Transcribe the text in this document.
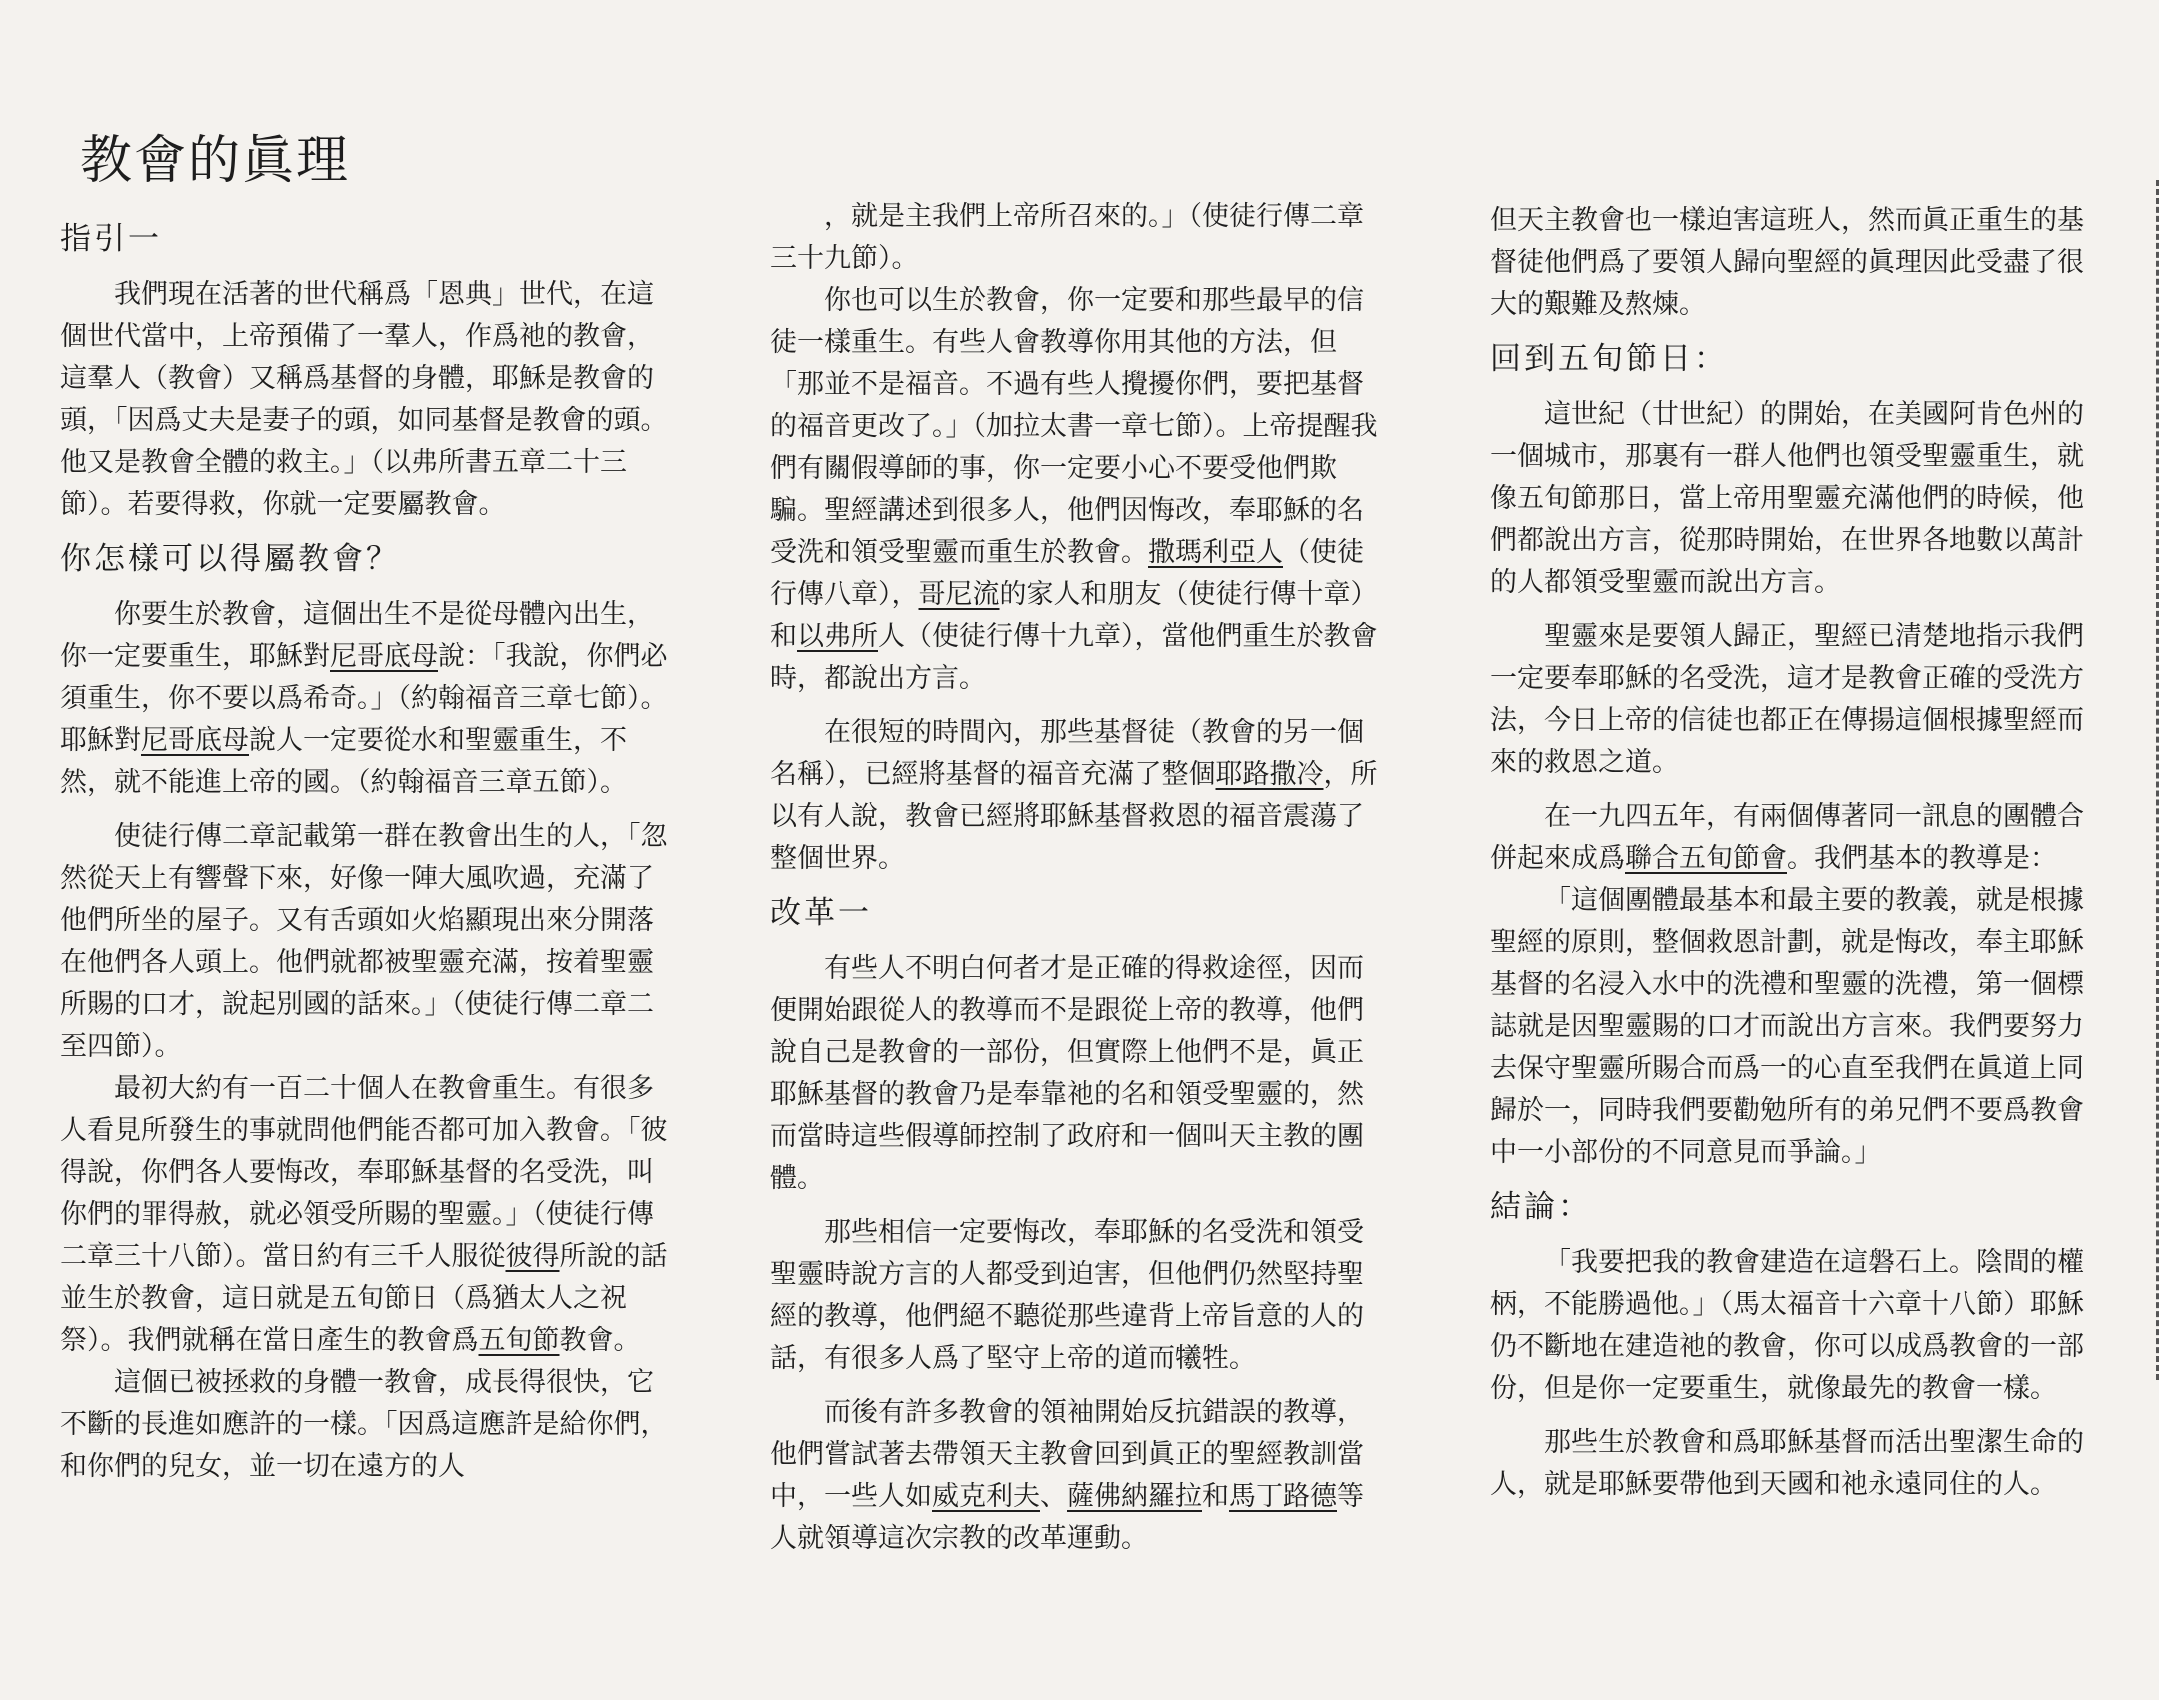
教會的眞理
指引一

我們現在活著的世代稱爲「恩典」世代，在這個世代當中，上帝預備了一羣人，作爲祂的教會，這羣人（教會）又稱爲基督的身體，耶穌是教會的頭，「因爲丈夫是妻子的頭，如同基督是教會的頭。他又是教會全體的救主。」（以弗所書五章二十三節）。若要得救，你就一定要屬教會。

你怎樣可以得屬教會？

你要生於教會，這個出生不是從母體內出生，你一定要重生，耶穌對尼哥底母說：「我說，你們必須重生，你不要以爲希奇。」（約翰福音三章七節）。耶穌對尼哥底母說人一定要從水和聖靈重生，不然，就不能進上帝的國。（約翰福音三章五節）。

使徒行傳二章記載第一群在教會出生的人，「忽然從天上有響聲下來，好像一陣大風吹過，充滿了他們所坐的屋子。又有舌頭如火焰顯現出來分開落在他們各人頭上。他們就都被聖靈充滿，按着聖靈所賜的口才，說起別國的話來。」（使徒行傳二章二至四節）。

最初大約有一百二十個人在教會重生。有很多人看見所發生的事就問他們能否都可加入教會。「彼得說，你們各人要悔改，奉耶穌基督的名受洗，叫你們的罪得赦，就必領受所賜的聖靈。」（使徒行傳二章三十八節）。當日約有三千人服從彼得所說的話並生於教會，這日就是五旬節日（爲猶太人之祝祭）。我們就稱在當日產生的教會爲五旬節教會。

這個已被拯救的身體一教會，成長得很快，它不斷的長進如應許的一樣。「因爲這應許是給你們，和你們的兒女，並一切在遠方的人

，就是主我們上帝所召來的。」（使徒行傳二章三十九節）。

你也可以生於教會，你一定要和那些最早的信徒一樣重生。有些人會教導你用其他的方法，但「那並不是福音。不過有些人攪擾你們，要把基督的福音更改了。」（加拉太書一章七節）。上帝提醒我們有關假導師的事，你一定要小心不要受他們欺騙。聖經講述到很多人，他們因悔改，奉耶穌的名受洗和領受聖靈而重生於教會。撒瑪利亞人（使徒行傳八章），哥尼流的家人和朋友（使徒行傳十章）和以弗所人（使徒行傳十九章），當他們重生於教會時，都說出方言。

在很短的時間內，那些基督徒（教會的另一個名稱），已經將基督的福音充滿了整個耶路撒冷，所以有人說，教會已經將耶穌基督救恩的福音震蕩了整個世界。

改革一

有些人不明白何者才是正確的得救途徑，因而便開始跟從人的教導而不是跟從上帝的教導，他們說自己是教會的一部份，但實際上他們不是，眞正耶穌基督的教會乃是奉靠祂的名和領受聖靈的，然而當時這些假導師控制了政府和一個叫天主教的團體。

那些相信一定要悔改，奉耶穌的名受洗和領受聖靈時說方言的人都受到迫害，但他們仍然堅持聖經的教導，他們絕不聽從那些違背上帝旨意的人的話，有很多人爲了堅守上帝的道而犧牲。

而後有許多教會的領袖開始反抗錯誤的教導，他們嘗試著去帶領天主教會回到眞正的聖經教訓當中，一些人如威克利夫、薩佛納羅拉和馬丁路德等人就領導這次宗教的改革運動。

但天主教會也一樣迫害這班人，然而眞正重生的基督徒他們爲了要領人歸向聖經的眞理因此受盡了很大的艱難及熬煉。

回到五旬節日：

這世紀（廿世紀）的開始，在美國阿肯色州的一個城市，那裏有一群人他們也領受聖靈重生，就像五旬節那日，當上帝用聖靈充滿他們的時候，他們都說出方言，從那時開始，在世界各地數以萬計的人都領受聖靈而說出方言。

聖靈來是要領人歸正，聖經已清楚地指示我們一定要奉耶穌的名受洗，這才是教會正確的受洗方法，今日上帝的信徒也都正在傳揚這個根據聖經而來的救恩之道。

在一九四五年，有兩個傳著同一訊息的團體合併起來成爲聯合五旬節會。我們基本的教導是：

「這個團體最基本和最主要的教義，就是根據聖經的原則，整個救恩計劃，就是悔改，奉主耶穌基督的名浸入水中的洗禮和聖靈的洗禮，第一個標誌就是因聖靈賜的口才而說出方言來。我們要努力去保守聖靈所賜合而爲一的心直至我們在眞道上同歸於一，同時我們要勸勉所有的弟兄們不要爲教會中一小部份的不同意見而爭論。」

結論：

「我要把我的教會建造在這磐石上。陰間的權柄，不能勝過他。」（馬太福音十六章十八節）耶穌仍不斷地在建造祂的教會，你可以成爲教會的一部份，但是你一定要重生，就像最先的教會一樣。

那些生於教會和爲耶穌基督而活出聖潔生命的人，就是耶穌要帶他到天國和祂永遠同住的人。
